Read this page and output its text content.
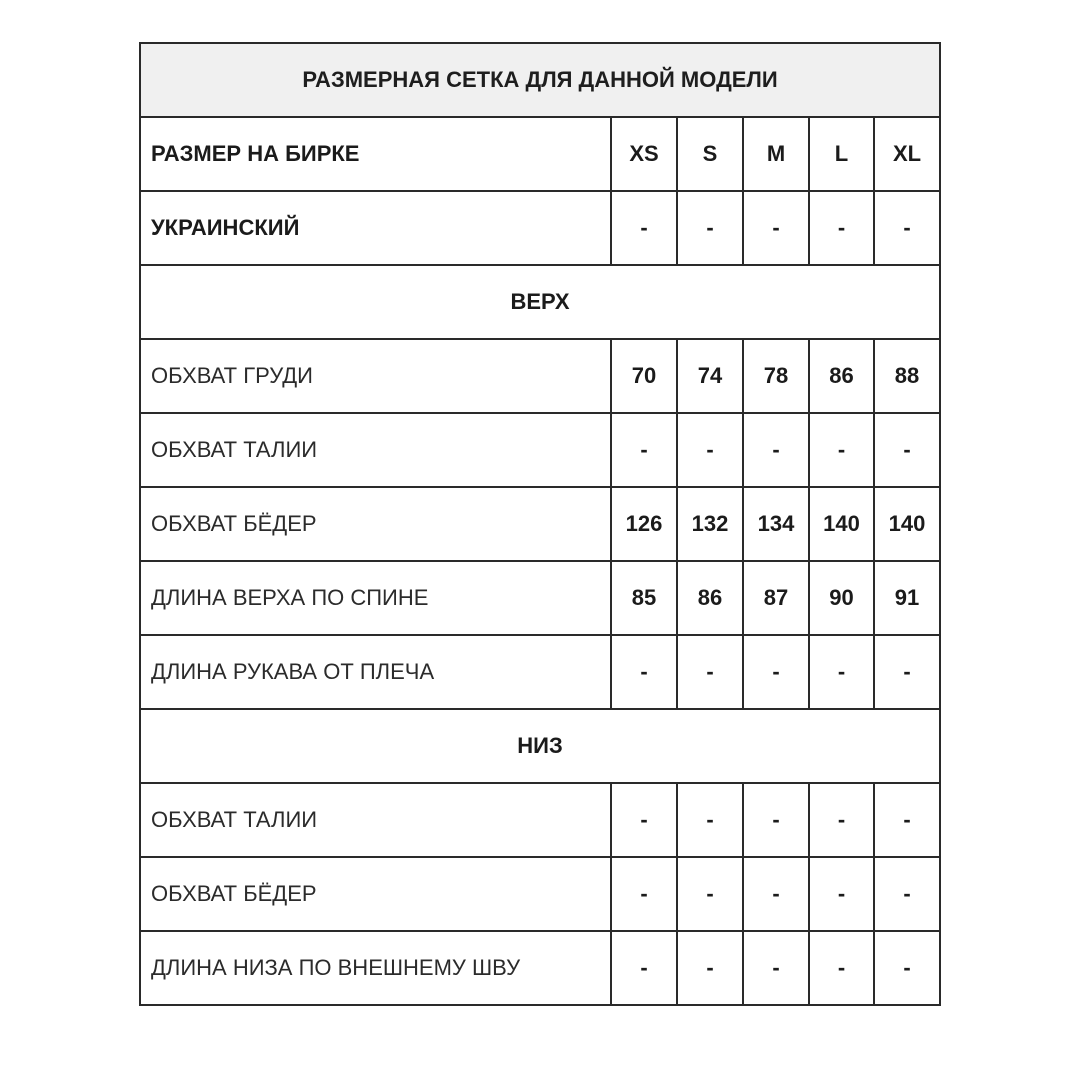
РАЗМЕРНАЯ СЕТКА ДЛЯ ДАННОЙ МОДЕЛИ					
РАЗМЕР НА БИРКЕ	XS	S	M	L	XL
УКРАИНСКИЙ	-	-	-	-	-
ВЕРХ					
ОБХВАТ ГРУДИ	70	74	78	86	88
ОБХВАТ ТАЛИИ	-	-	-	-	-
ОБХВАТ БЁДЕР	126	132	134	140	140
ДЛИНА ВЕРХА ПО СПИНЕ	85	86	87	90	91
ДЛИНА РУКАВА ОТ ПЛЕЧА	-	-	-	-	-
НИЗ					
ОБХВАТ ТАЛИИ	-	-	-	-	-
ОБХВАТ БЁДЕР	-	-	-	-	-
ДЛИНА НИЗА ПО ВНЕШНЕМУ ШВУ	-	-	-	-	-
